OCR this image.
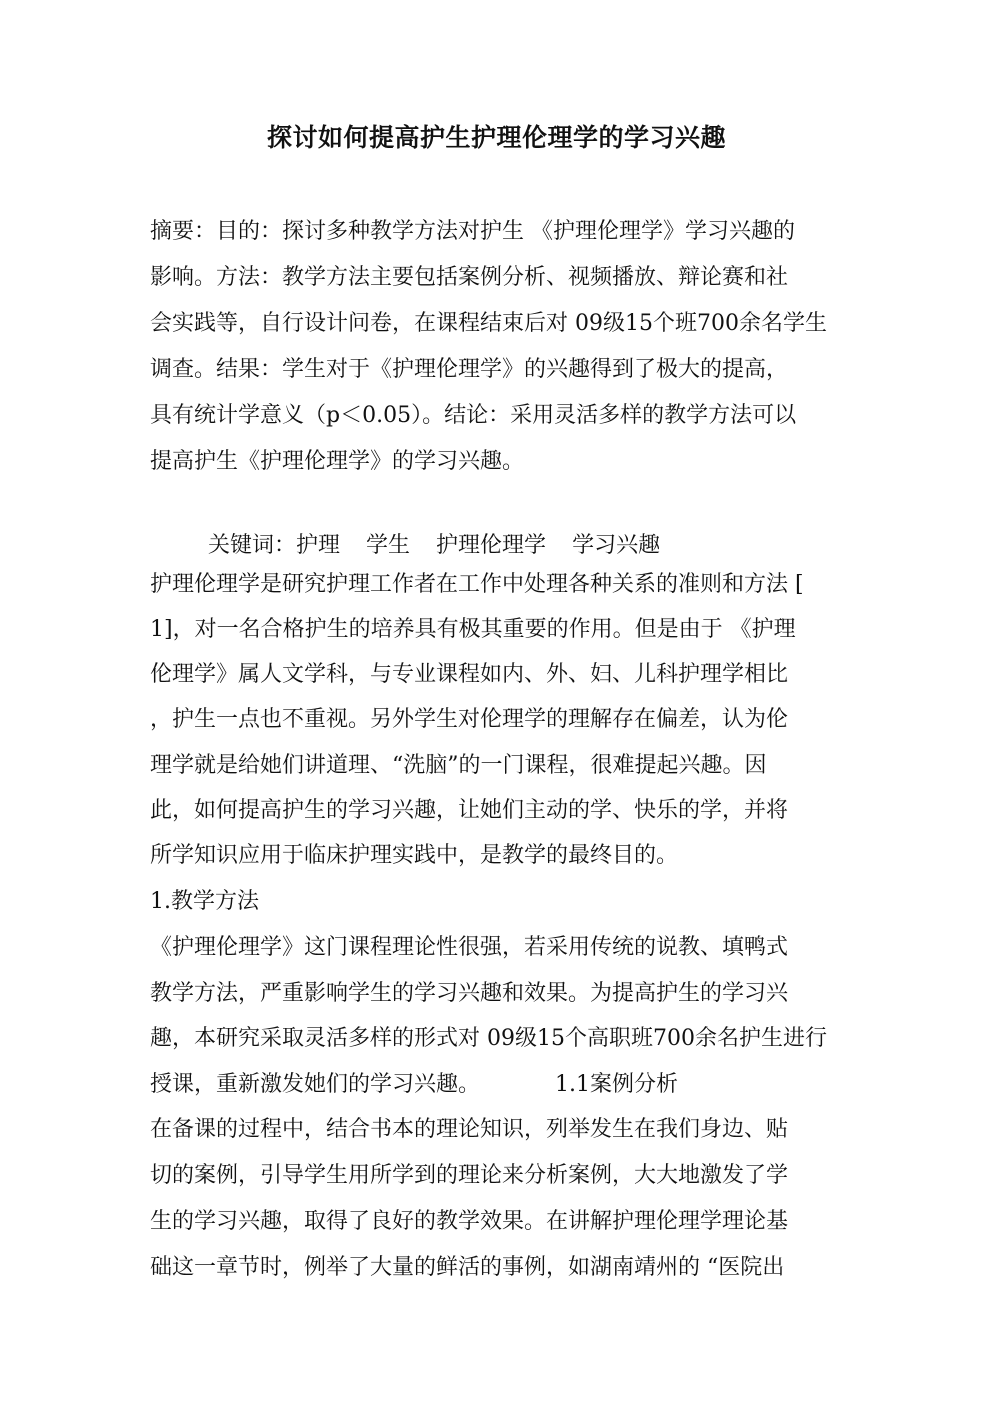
探讨如何提高护生护理伦理学的学习兴趣
摘要：目的：探讨多种教学方法对护生 《护理伦理学》学习兴趣的
影响。方法：教学方法主要包括案例分析、视频播放、辩论赛和社
会实践等，自行设计问卷，在课程结束后对 09级15个班700余名学生
调查。结果：学生对于《护理伦理学》的兴趣得到了极大的提高，
具有统计学意义（p＜0.05）。结论：采用灵活多样的教学方法可以
提高护生《护理伦理学》的学习兴趣。
关键词：护理 学生 护理伦理学 学习兴趣
护理伦理学是研究护理工作者在工作中处理各种关系的准则和方法 [
1]，对一名合格护生的培养具有极其重要的作用。但是由于 《护理
伦理学》属人文学科，与专业课程如内、外、妇、儿科护理学相比
，护生一点也不重视。另外学生对伦理学的理解存在偏差，认为伦
理学就是给她们讲道理、“洗脑”的一门课程，很难提起兴趣。因
此，如何提高护生的学习兴趣，让她们主动的学、快乐的学，并将
所学知识应用于临床护理实践中，是教学的最终目的。
1.教学方法
《护理伦理学》这门课程理论性很强，若采用传统的说教、填鸭式
教学方法，严重影响学生的学习兴趣和效果。为提高护生的学习兴
趣，本研究采取灵活多样的形式对 09级15个高职班700余名护生进行
授课，重新激发她们的学习兴趣。	1.1案例分析
在备课的过程中，结合书本的理论知识，列举发生在我们身边、贴
切的案例，引导学生用所学到的理论来分析案例，大大地激发了学
生的学习兴趣，取得了良好的教学效果。在讲解护理伦理学理论基
础这一章节时，例举了大量的鲜活的事例，如湖南靖州的 “医院出
